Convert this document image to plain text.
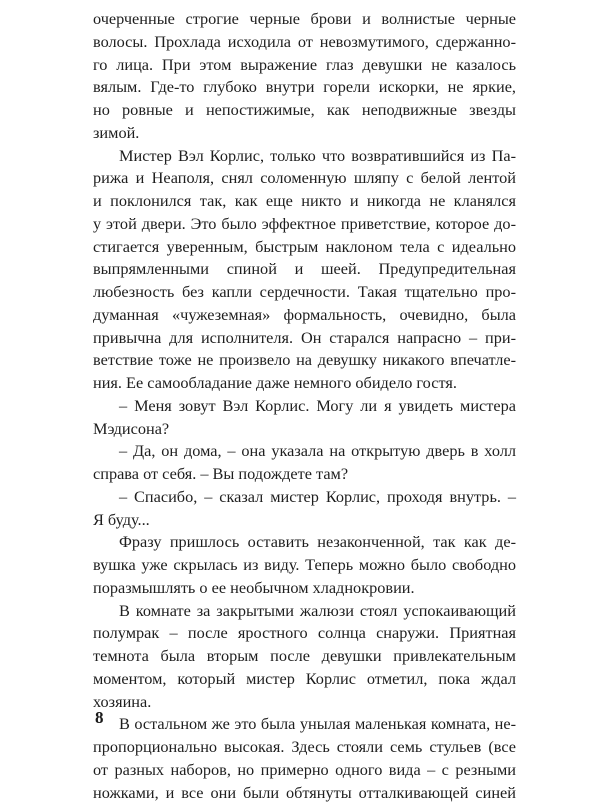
очерченные строгие черные брови и волнистые черные
волосы. Прохлада исходила от невозмутимого, сдержанно-
го лица. При этом выражение глаз девушки не казалось
вялым. Где-то глубоко внутри горели искорки, не яркие,
но ровные и непостижимые, как неподвижные звезды
зимой.
Мистер Вэл Корлис, только что возвратившийся из Па-
рижа и Неаполя, снял соломенную шляпу с белой лентой
и поклонился так, как еще никто и никогда не кланялся
у этой двери. Это было эффектное приветствие, которое до-
стигается уверенным, быстрым наклоном тела с идеально
выпрямленными спиной и шеей. Предупредительная
любезность без капли сердечности. Такая тщательно про-
думанная «чужеземная» формальность, очевидно, была
привычна для исполнителя. Он старался напрасно – при-
ветствие тоже не произвело на девушку никакого впечатле-
ния. Ее самообладание даже немного обидело гостя.
– Меня зовут Вэл Корлис. Могу ли я увидеть мистера
Мэдисона?
– Да, он дома, – она указала на открытую дверь в холл
справа от себя. – Вы подождете там?
– Спасибо, – сказал мистер Корлис, проходя внутрь. –
Я буду...
Фразу пришлось оставить незаконченной, так как де-
вушка уже скрылась из виду. Теперь можно было свободно
поразмышлять о ее необычном хладнокровии.
В комнате за закрытыми жалюзи стоял успокаивающий
полумрак – после яростного солнца снаружи. Приятная
темнота была вторым после девушки привлекательным
моментом, который мистер Корлис отметил, пока ждал
хозяина.
В остальном же это была унылая маленькая комната, не-
пропорционально высокая. Здесь стояли семь стульев (все
от разных наборов, но примерно одного вида – с резными
ножками, и все они были обтянуты отталкивающей синей
8
